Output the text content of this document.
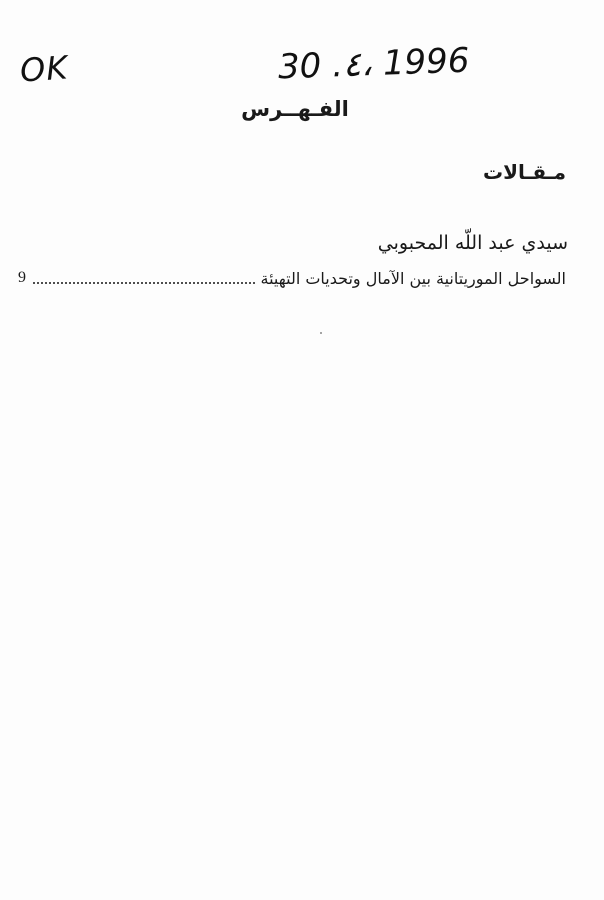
OK	30 .٤، 1996
الفـهــرس
مـقـالات
سيدي عبد اللّه المحبوبي
السواحل الموريتانية بين الآمال وتحديات التهيئة
9
